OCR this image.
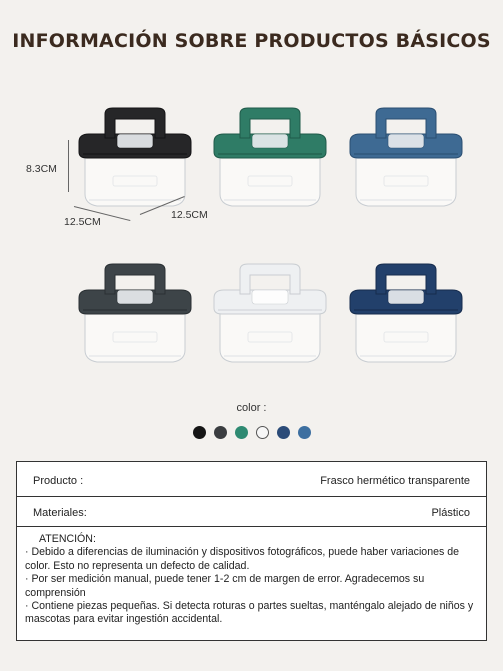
INFORMACIÓN SOBRE PRODUCTOS BÁSICOS
8.3CM
12.5CM
12.5CM
color :
Producto :	Frasco hermético transparente
Materiales:	Plástico

ATENCIÓN:

· Debido a diferencias de iluminación y dispositivos fotográficos, puede haber variaciones de color. Esto no representa un defecto de calidad.

· Por ser medición manual, puede tener 1-2 cm de margen de error. Agradecemos su comprensión

· Contiene piezas pequeñas. Si detecta roturas o partes sueltas, manténgalo alejado de niños y mascotas para evitar ingestión accidental.
